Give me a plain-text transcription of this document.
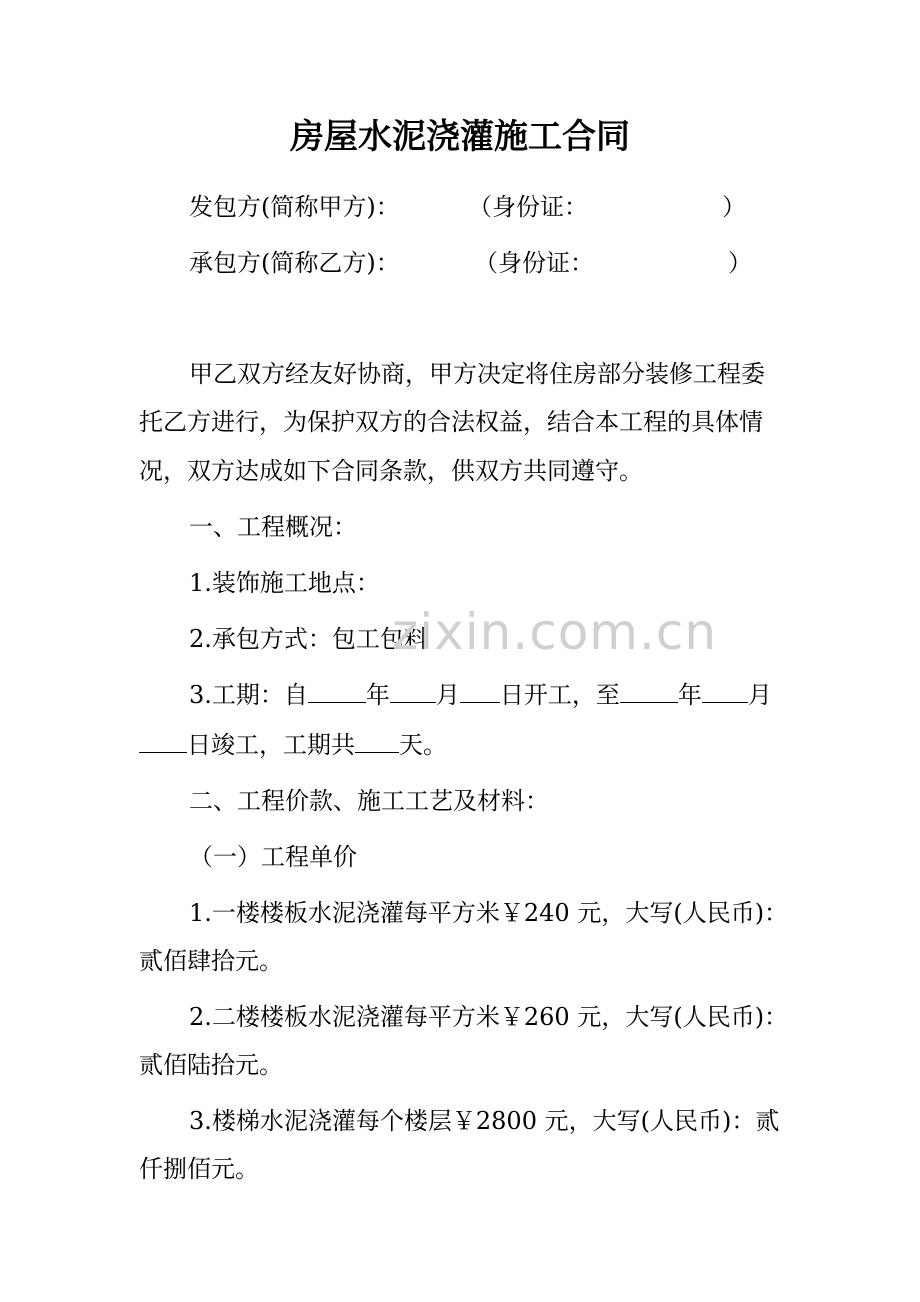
房屋水泥浇灌施工合同
发包方(简称甲方)：	（身份证：	）
承包方(简称乙方)：	（身份证：	）
甲乙双方经友好协商，甲方决定将住房部分装修工程委
托乙方进行，为保护双方的合法权益，结合本工程的具体情
况，双方达成如下合同条款，供双方共同遵守。
一、工程概况：
1.装饰施工地点：
2.承包方式：包工包料
3.工期：自 年 月 日开工，至 年 月
日竣工，工期共 天。
二、工程价款、施工工艺及材料：
（一）工程单价
1.一楼楼板水泥浇灌每平方米￥240 元，大写(人民币)：
贰佰肆拾元。
2.二楼楼板水泥浇灌每平方米￥260 元，大写(人民币)：
贰佰陆拾元。
3.楼梯水泥浇灌每个楼层￥2800 元，大写(人民币)：贰
仟捌佰元。
zixin.com.cn
